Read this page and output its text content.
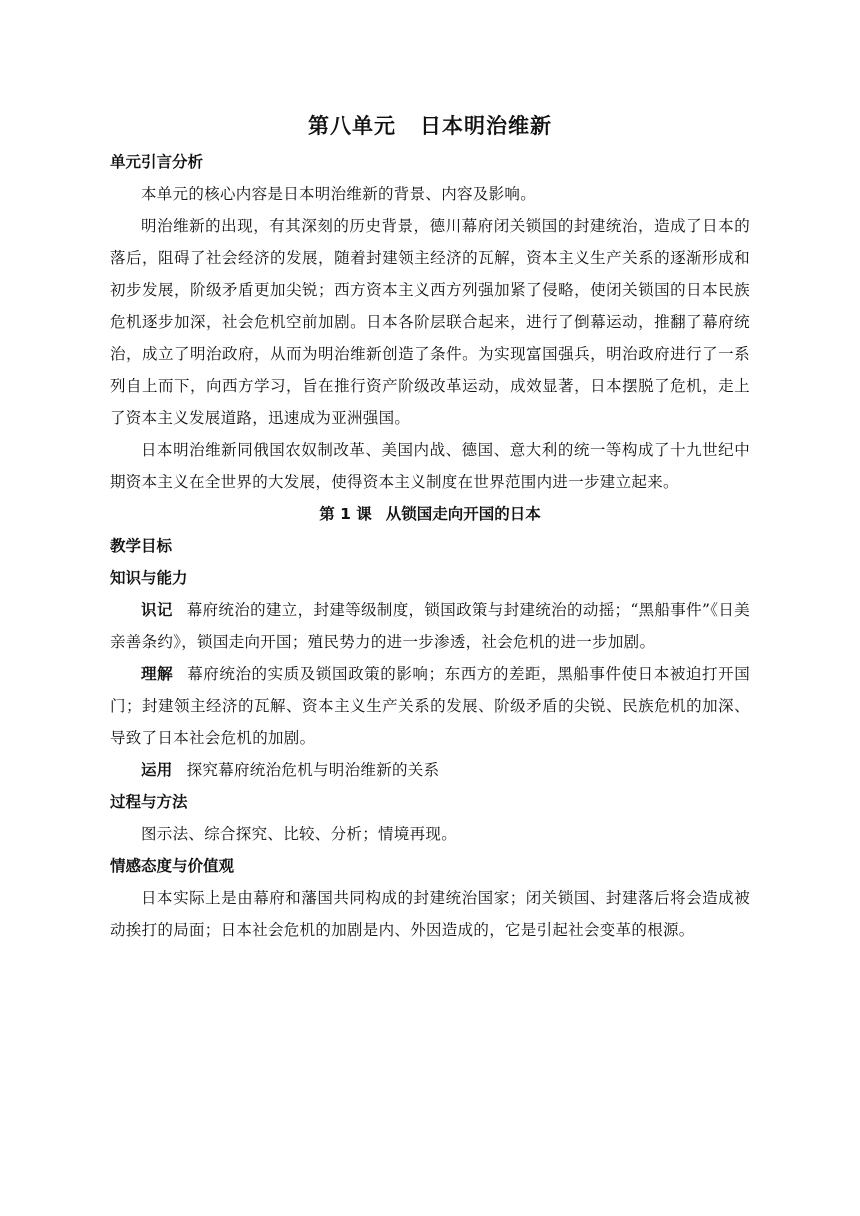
第八单元 日本明治维新
单元引言分析

本单元的核心内容是日本明治维新的背景、内容及影响。

明治维新的出现，有其深刻的历史背景，德川幕府闭关锁国的封建统治，造成了日本的落后，阻碍了社会经济的发展，随着封建领主经济的瓦解，资本主义生产关系的逐渐形成和初步发展，阶级矛盾更加尖锐；西方资本主义西方列强加紧了侵略，使闭关锁国的日本民族危机逐步加深，社会危机空前加剧。日本各阶层联合起来，进行了倒幕运动，推翻了幕府统治，成立了明治政府，从而为明治维新创造了条件。为实现富国强兵，明治政府进行了一系列自上而下，向西方学习，旨在推行资产阶级改革运动，成效显著，日本摆脱了危机，走上了资本主义发展道路，迅速成为亚洲强国。

日本明治维新同俄国农奴制改革、美国内战、德国、意大利的统一等构成了十九世纪中期资本主义在全世界的大发展，使得资本主义制度在世界范围内进一步建立起来。

第 1 课 从锁国走向开国的日本
教学目标
知识与能力

识记 幕府统治的建立，封建等级制度，锁国政策与封建统治的动摇；“黑船事件”《日美亲善条约》，锁国走向开国；殖民势力的进一步渗透，社会危机的进一步加剧。

理解 幕府统治的实质及锁国政策的影响；东西方的差距，黑船事件使日本被迫打开国门；封建领主经济的瓦解、资本主义生产关系的发展、阶级矛盾的尖锐、民族危机的加深、导致了日本社会危机的加剧。

运用 探究幕府统治危机与明治维新的关系

过程与方法

图示法、综合探究、比较、分析；情境再现。

情感态度与价值观

日本实际上是由幕府和藩国共同构成的封建统治国家；闭关锁国、封建落后将会造成被动挨打的局面；日本社会危机的加剧是内、外因造成的，它是引起社会变革的根源。
